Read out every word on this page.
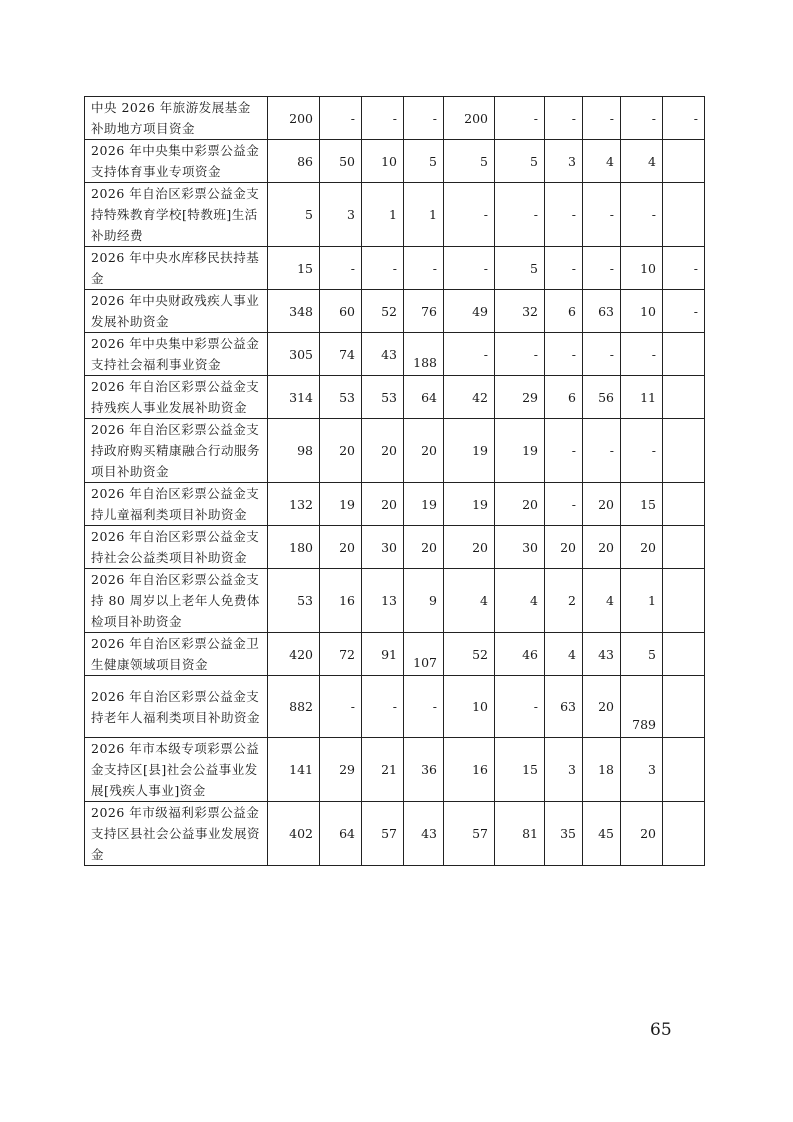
中央 2026 年旅游发展基金补助地方项目资金	200	-	-	-	200	-	-	-	-	-
2026 年中央集中彩票公益金支持体育事业专项资金	86	50	10	5	5	5	3	4	4	
2026 年自治区彩票公益金支持特殊教育学校[特教班]生活补助经费	5	3	1	1	-	-	-	-	-	
2026 年中央水库移民扶持基金	15	-	-	-	-	5	-	-	10	-
2026 年中央财政残疾人事业发展补助资金	348	60	52	76	49	32	6	63	10	-
2026 年中央集中彩票公益金支持社会福利事业资金	305	74	43	188	-	-	-	-	-	
2026 年自治区彩票公益金支持残疾人事业发展补助资金	314	53	53	64	42	29	6	56	11	
2026 年自治区彩票公益金支持政府购买精康融合行动服务项目补助资金	98	20	20	20	19	19	-	-	-	
2026 年自治区彩票公益金支持儿童福利类项目补助资金	132	19	20	19	19	20	-	20	15	
2026 年自治区彩票公益金支持社会公益类项目补助资金	180	20	30	20	20	30	20	20	20	
2026 年自治区彩票公益金支持 80 周岁以上老年人免费体检项目补助资金	53	16	13	9	4	4	2	4	1	
2026 年自治区彩票公益金卫生健康领域项目资金	420	72	91	107	52	46	4	43	5	
2026 年自治区彩票公益金支持老年人福利类项目补助资金	882	-	-	-	10	-	63	20	789	
2026 年市本级专项彩票公益金支持区[县]社会公益事业发展[残疾人事业]资金	141	29	21	36	16	15	3	18	3	
2026 年市级福利彩票公益金支持区县社会公益事业发展资金	402	64	57	43	57	81	35	45	20	
65
